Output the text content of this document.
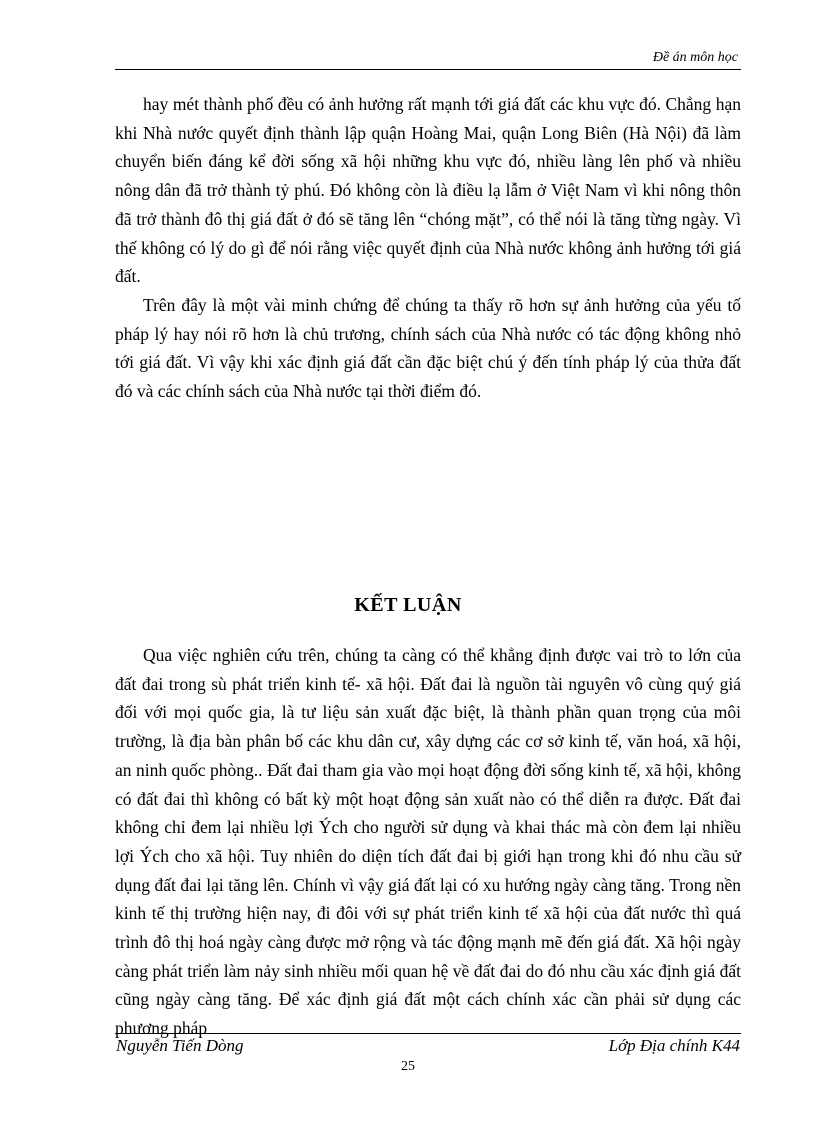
Đề án môn học

hay mét thành phố đều có ảnh hưởng rất mạnh tới giá đất các khu vực đó. Chẳng hạn khi Nhà nước quyết định thành lập quận Hoàng Mai, quận Long Biên (Hà Nội) đã làm chuyển biến đáng kể đời sống xã hội những khu vực đó, nhiều làng lên phố và nhiều nông dân đã trở thành tỷ phú. Đó không còn là điều lạ lẫm ở Việt Nam vì khi nông thôn đã trở thành đô thị giá đất ở đó sẽ tăng lên “chóng mặt”, có thể nói là tăng từng ngày. Vì thế không có lý do gì để nói rằng việc quyết định của Nhà nước không ảnh hưởng tới giá đất.

Trên đây là một vài minh chứng để chúng ta thấy rõ hơn sự ảnh hưởng của yếu tố pháp lý hay nói rõ hơn là chủ trương, chính sách của Nhà nước có tác động không nhỏ tới giá đất. Vì vậy khi xác định giá đất cần đặc biệt chú ý đến tính pháp lý của thửa đất đó và các chính sách của Nhà nước tại thời điểm đó.

KẾT LUẬN

Qua việc nghiên cứu trên, chúng ta càng có thể khẳng định được vai trò to lớn của đất đai trong sù phát triển kinh tế- xã hội. Đất đai là nguồn tài nguyên vô cùng quý giá đối với mọi quốc gia, là tư liệu sản xuất đặc biệt, là thành phần quan trọng của môi trường, là địa bàn phân bố các khu dân cư, xây dựng các cơ sở kinh tế, văn hoá, xã hội, an ninh quốc phòng.. Đất đai tham gia vào mọi hoạt động đời sống kinh tế, xã hội, không có đất đai thì không có bất kỳ một hoạt động sản xuất nào có thể diễn ra được. Đất đai không chỉ đem lại nhiều lợi Ých cho người sử dụng và khai thác mà còn đem lại nhiều lợi Ých cho xã hội. Tuy nhiên do diện tích đất đai bị giới hạn trong khi đó nhu cầu sử dụng đất đai lại tăng lên. Chính vì vậy giá đất lại có xu hướng ngày càng tăng. Trong nền kinh tế thị trường hiện nay, đi đôi với sự phát triển kinh tế xã hội của đất nước thì quá trình đô thị hoá ngày càng được mở rộng và tác động mạnh mẽ đến giá đất. Xã hội ngày càng phát triển làm nảy sinh nhiều mối quan hệ về đất đai do đó nhu cầu xác định giá đất cũng ngày càng tăng. Để xác định giá đất một cách chính xác cần phải sử dụng các phương pháp

Nguyễn Tiến Dòng	Lớp Địa chính K44
25
